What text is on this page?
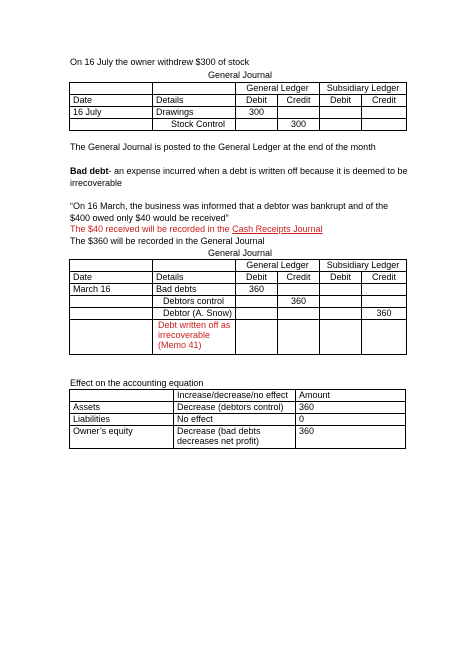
On 16 July the owner withdrew $300 of stock
General Journal
		General Ledger		Subsidiary Ledger	
Date	Details	Debit	Credit	Debit	Credit
16 July	Drawings	300			
	Stock Control		300		
The General Journal is posted to the General Ledger at the end of the month
Bad debt- an expense incurred when a debt is written off because it is deemed to be
irrecoverable
“On 16 March, the business was informed that a debtor was bankrupt and of the
$400 owed only $40 would be received”
The $40 received will be recorded in the Cash Receipts Journal
The $360 will be recorded in the General Journal
General Journal
		General Ledger		Subsidiary Ledger	
Date	Details	Debit	Credit	Debit	Credit
March 16	Bad debts	360			
	Debtors control		360		
	Debtor (A. Snow)				360

	Debt written off as
irrecoverable
(Memo 41)				

Effect on the accounting equation
	Increase/decrease/no effect	Amount
Assets	Decrease (debtors control)	360
Liabilities	No effect	0
Owner’s equity	Decrease (bad debts
decreases net profit)	360
